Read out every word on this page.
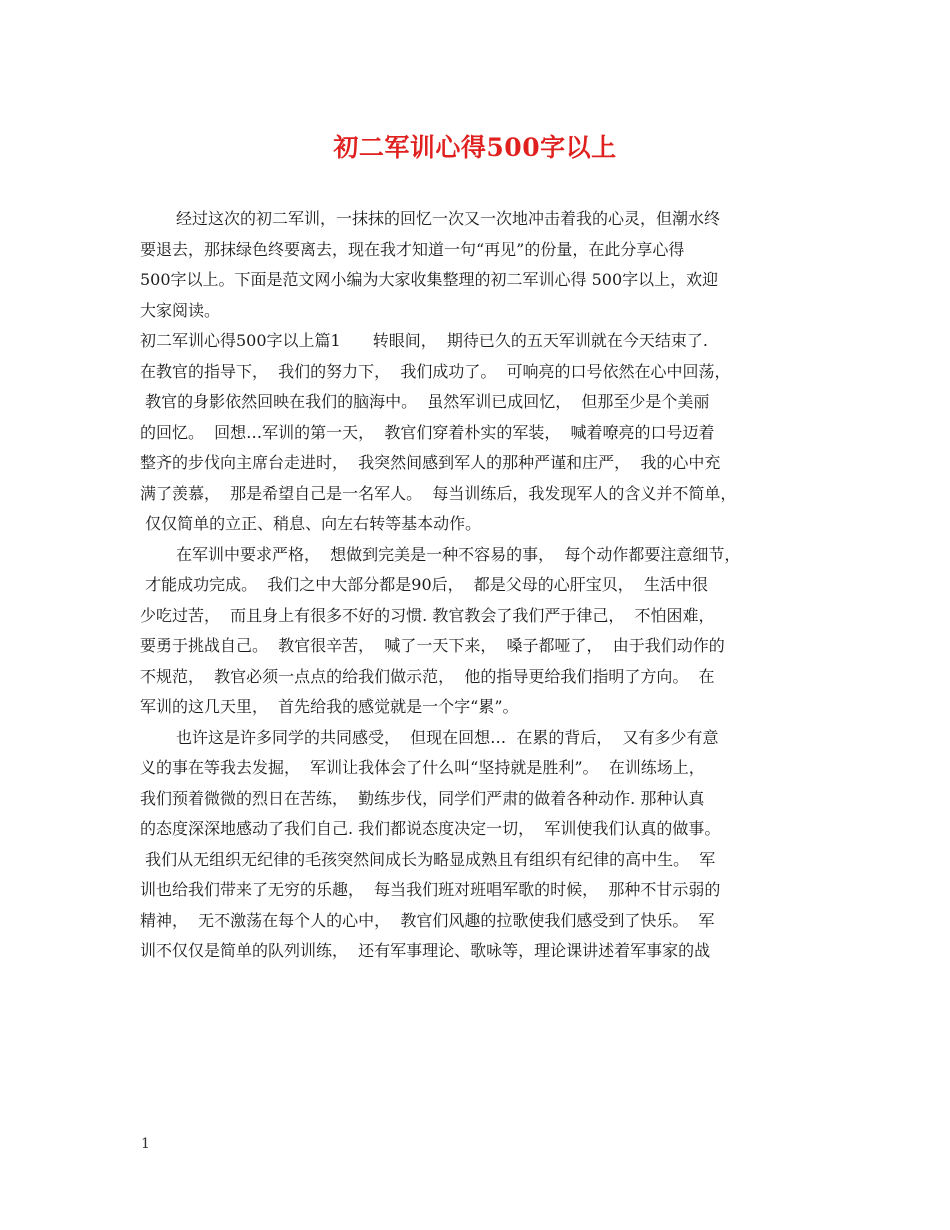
初二军训心得500字以上
经过这次的初二军训，一抹抹的回忆一次又一次地冲击着我的心灵，但潮水终
要退去，那抹绿色终要离去，现在我才知道一句“再见”的份量，在此分享心得
500字以上。下面是范文网小编为大家收集整理的初二军训心得 500字以上，欢迎
大家阅读。
初二军训心得500字以上篇1　　转眼间，  期待已久的五天军训就在今天结束了.
在教官的指导下，  我们的努力下，  我们成功了。  可响亮的口号依然在心中回荡，
教官的身影依然回映在我们的脑海中。  虽然军训已成回忆，  但那至少是个美丽
的回忆。  回想…军训的第一天，  教官们穿着朴实的军装，  喊着嘹亮的口号迈着
整齐的步伐向主席台走进时，  我突然间感到军人的那种严谨和庄严，  我的心中充
满了羡慕，  那是希望自己是一名军人。  每当训练后，我发现军人的含义并不简单，
仅仅简单的立正、稍息、向左右转等基本动作。
在军训中要求严格，  想做到完美是一种不容易的事，  每个动作都要注意细节，
才能成功完成。  我们之中大部分都是90后，  都是父母的心肝宝贝，  生活中很
少吃过苦，  而且身上有很多不好的习惯. 教官教会了我们严于律己，  不怕困难，
要勇于挑战自己。  教官很辛苦，  喊了一天下来，  嗓子都哑了，  由于我们动作的
不规范，  教官必须一点点的给我们做示范，  他的指导更给我们指明了方向。  在
军训的这几天里，  首先给我的感觉就是一个字“累”。
也许这是许多同学的共同感受，  但现在回想…  在累的背后，  又有多少有意
义的事在等我去发掘，  军训让我体会了什么叫“坚持就是胜利”。  在训练场上，
我们预着微微的烈日在苦练，  勤练步伐，同学们严肃的做着各种动作. 那种认真
的态度深深地感动了我们自己. 我们都说态度决定一切，  军训使我们认真的做事。
我们从无组织无纪律的毛孩突然间成长为略显成熟且有组织有纪律的高中生。  军
训也给我们带来了无穷的乐趣，  每当我们班对班唱军歌的时候，  那种不甘示弱的
精神，  无不激荡在每个人的心中，  教官们风趣的拉歌使我们感受到了快乐。  军
训不仅仅是简单的队列训练，  还有军事理论、歌咏等，理论课讲述着军事家的战
1
